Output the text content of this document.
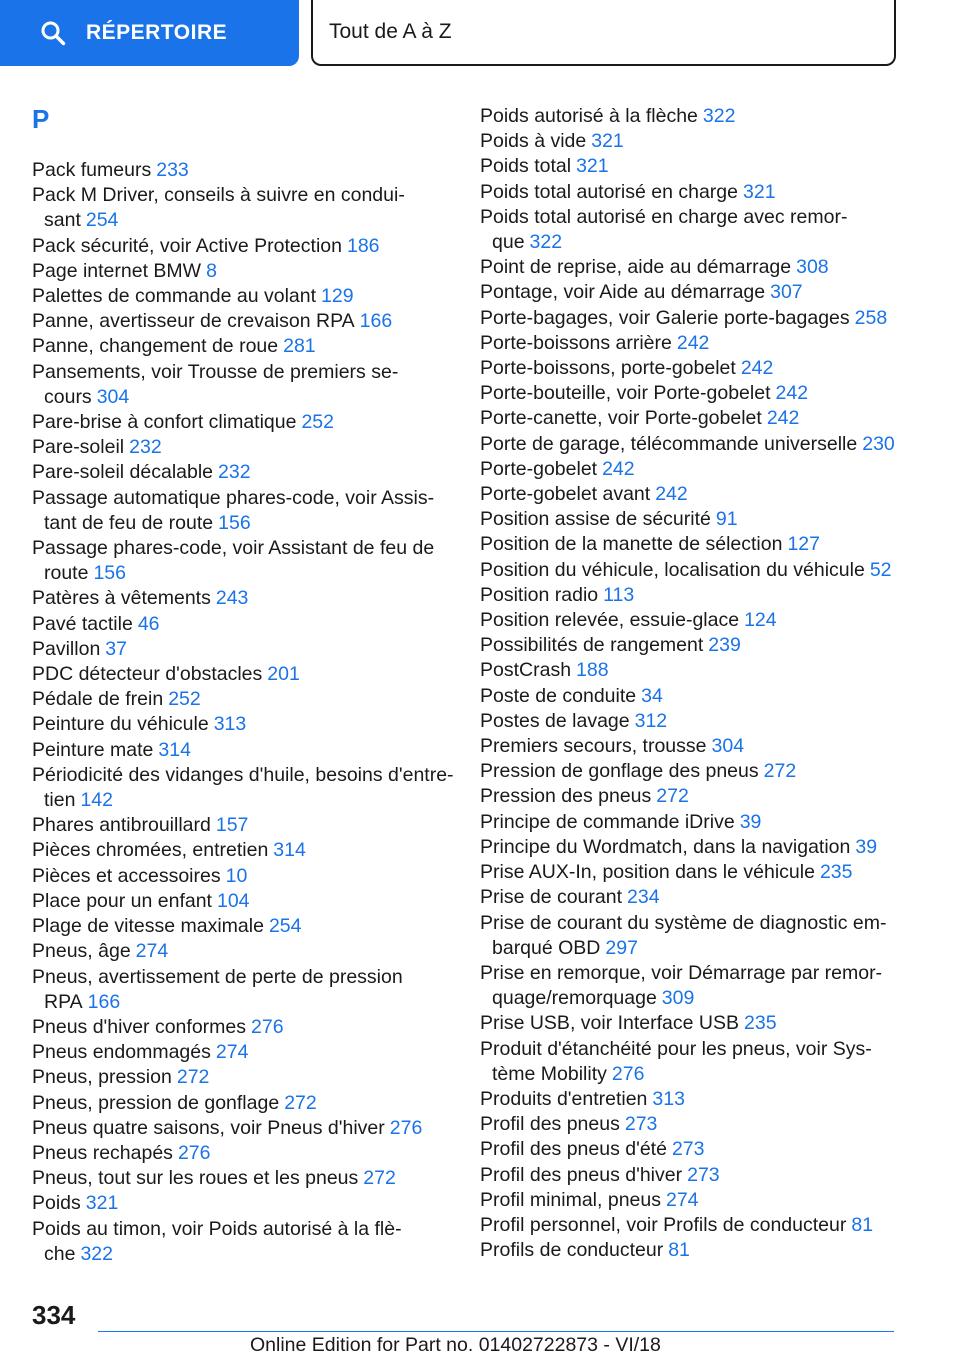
RÉPERTOIRE	Tout de A à Z
P
Pack fumeurs 233
Pack M Driver, conseils à suivre en condui‐ sant 254
Pack sécurité, voir Active Protection 186
Page internet BMW 8
Palettes de commande au volant 129
Panne, avertisseur de crevaison RPA 166
Panne, changement de roue 281
Pansements, voir Trousse de premiers se‐ cours 304
Pare-brise à confort climatique 252
Pare-soleil 232
Pare-soleil décalable 232
Passage automatique phares-code, voir Assis‐ tant de feu de route 156
Passage phares-code, voir Assistant de feu de route 156
Patères à vêtements 243
Pavé tactile 46
Pavillon 37
PDC détecteur d'obstacles 201
Pédale de frein 252
Peinture du véhicule 313
Peinture mate 314
Périodicité des vidanges d'huile, besoins d'entre‐ tien 142
Phares antibrouillard 157
Pièces chromées, entretien 314
Pièces et accessoires 10
Place pour un enfant 104
Plage de vitesse maximale 254
Pneus, âge 274
Pneus, avertissement de perte de pression RPA 166
Pneus d'hiver conformes 276
Pneus endommagés 274
Pneus, pression 272
Pneus, pression de gonflage 272
Pneus quatre saisons, voir Pneus d'hiver 276
Pneus rechapés 276
Pneus, tout sur les roues et les pneus 272
Poids 321
Poids au timon, voir Poids autorisé à la flè‐ che 322
Poids autorisé à la flèche 322
Poids à vide 321
Poids total 321
Poids total autorisé en charge 321
Poids total autorisé en charge avec remor‐ que 322
Point de reprise, aide au démarrage 308
Pontage, voir Aide au démarrage 307
Porte-bagages, voir Galerie porte-bagages 258
Porte-boissons arrière 242
Porte-boissons, porte-gobelet 242
Porte-bouteille, voir Porte-gobelet 242
Porte-canette, voir Porte-gobelet 242
Porte de garage, télécommande universelle 230
Porte-gobelet 242
Porte-gobelet avant 242
Position assise de sécurité 91
Position de la manette de sélection 127
Position du véhicule, localisation du véhicule 52
Position radio 113
Position relevée, essuie-glace 124
Possibilités de rangement 239
PostCrash 188
Poste de conduite 34
Postes de lavage 312
Premiers secours, trousse 304
Pression de gonflage des pneus 272
Pression des pneus 272
Principe de commande iDrive 39
Principe du Wordmatch, dans la navigation 39
Prise AUX-In, position dans le véhicule 235
Prise de courant 234
Prise de courant du système de diagnostic em‐ barqué OBD 297
Prise en remorque, voir Démarrage par remor‐ quage/remorquage 309
Prise USB, voir Interface USB 235
Produit d'étanchéité pour les pneus, voir Sys‐ tème Mobility 276
Produits d'entretien 313
Profil des pneus 273
Profil des pneus d'été 273
Profil des pneus d'hiver 273
Profil minimal, pneus 274
Profil personnel, voir Profils de conducteur 81
Profils de conducteur 81
334
Online Edition for Part no. 01402722873 - VI/18
